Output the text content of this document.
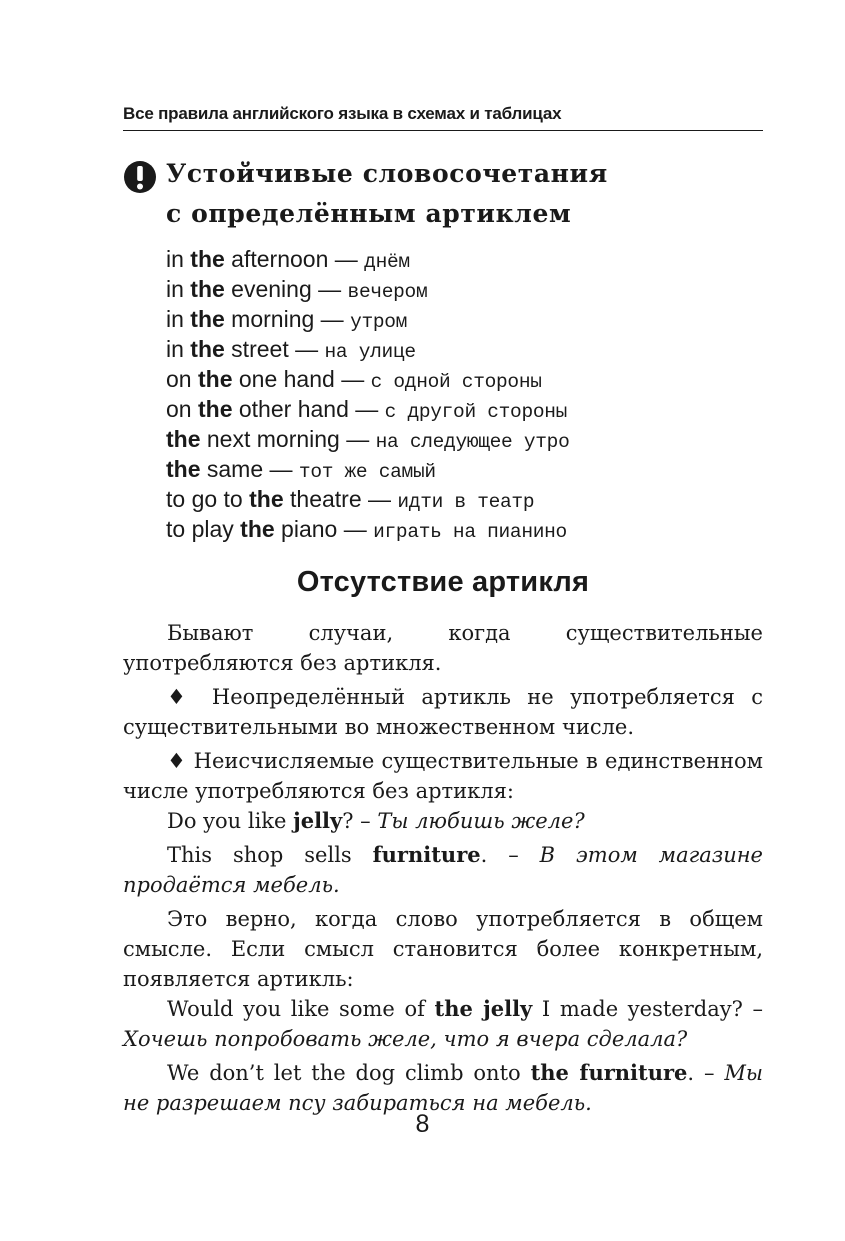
Все правила английского языка в схемах и таблицах
Устойчивые словосочетания
с определённым артиклем
in the afternoon — днём
in the evening — вечером
in the morning — утром
in the street — на улице
on the one hand — с одной стороны
on the other hand — с другой стороны
the next morning — на следующее утро
the same — тот же самый
to go to the theatre — идти в театр
to play the piano — играть на пианино
Отсутствие артикля

Бывают случаи, когда существительные употребляются без артикля.

♦ Неопределённый артикль не употребляется с существительными во множественном числе.

♦ Неисчисляемые существительные в единственном числе употребляются без артикля:

Do you like jelly? – Ты любишь желе?

This shop sells furniture. – В этом магазине продаётся мебель.

Это верно, когда слово употребляется в общем смысле. Если смысл становится более конкретным, появляется артикль:

Would you like some of the jelly I made yesterday? – Хочешь попробовать желе, что я вчера сделала?

We don’t let the dog climb onto the furniture. – Мы не разрешаем псу забираться на мебель.

8
